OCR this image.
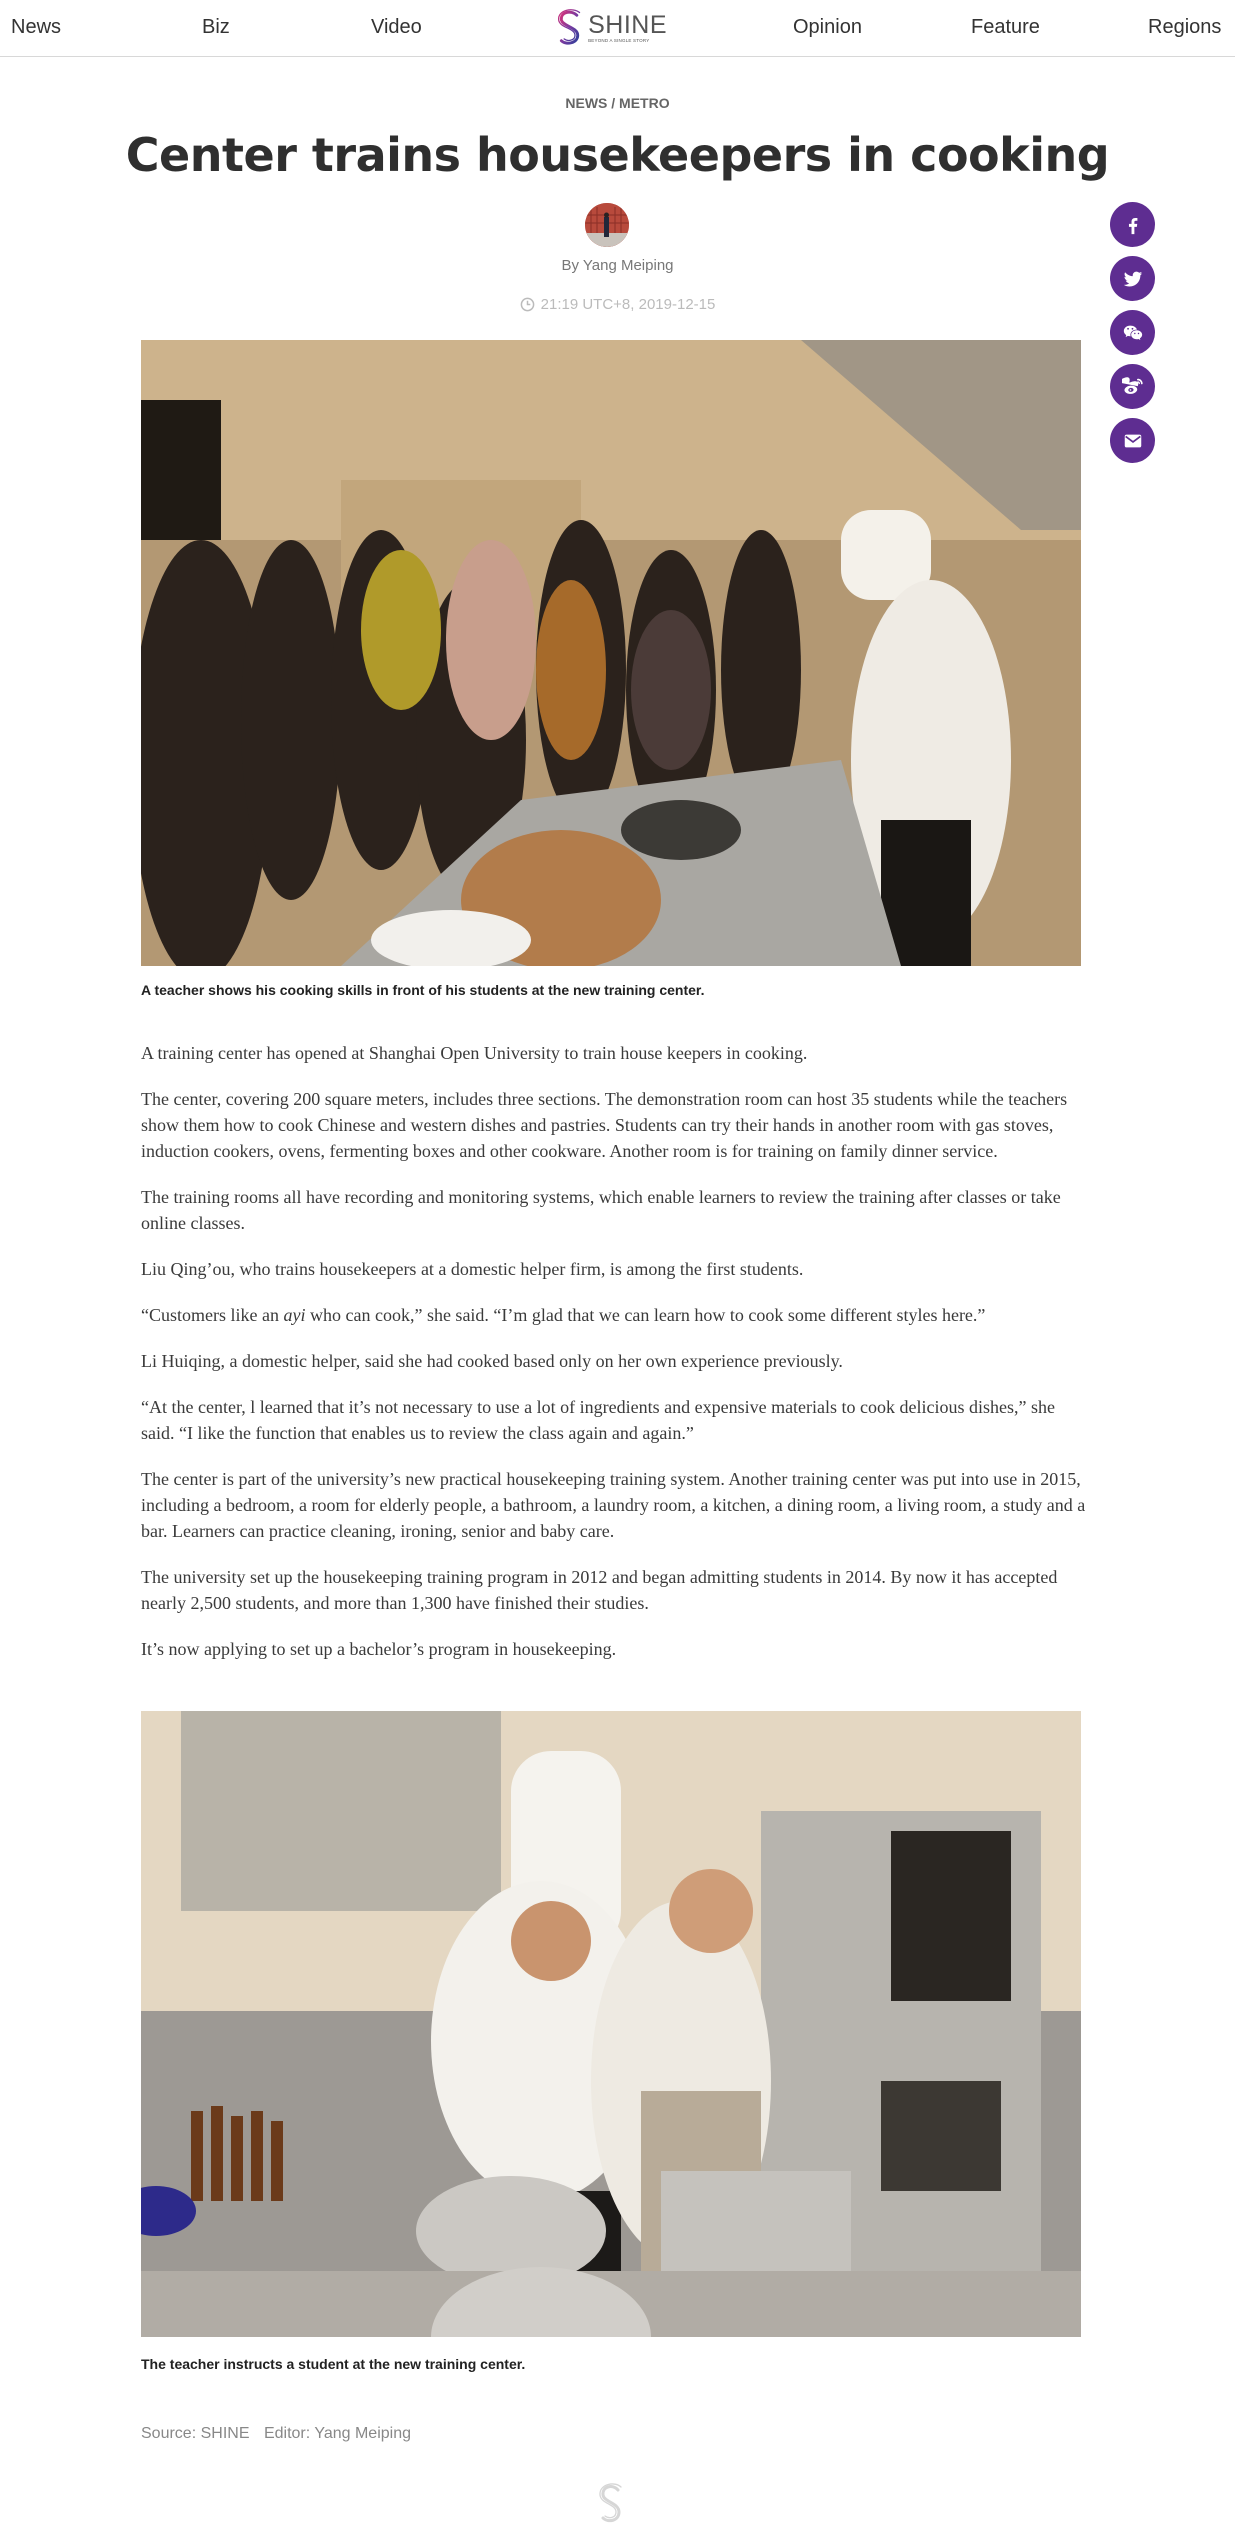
News	Biz	Video	SHINE
BEYOND A SINGLE STORY
Opinion	Feature	Regions
NEWS / METRO
Center trains housekeepers in cooking
By Yang Meiping
21:19 UTC+8, 2019-12-15
A teacher shows his cooking skills in front of his students at the new training center.

A training center has opened at Shanghai Open University to train house keepers in cooking.

The center, covering 200 square meters, includes three sections. The demonstration room can host 35 students while the teachers show them how to cook Chinese and western dishes and pastries. Students can try their hands in another room with gas stoves, induction cookers, ovens, fermenting boxes and other cookware. Another room is for training on family dinner service.

The training rooms all have recording and monitoring systems, which enable learners to review the training after classes or take online classes.

Liu Qing’ou, who trains housekeepers at a domestic helper firm, is among the first students.

“Customers like an ayi who can cook,” she said. “I’m glad that we can learn how to cook some different styles here.”

Li Huiqing, a domestic helper, said she had cooked based only on her own experience previously.

“At the center, l learned that it’s not necessary to use a lot of ingredients and expensive materials to cook delicious dishes,” she said. “I like the function that enables us to review the class again and again.”

The center is part of the university’s new practical housekeeping training system. Another training center was put into use in 2015, including a bedroom, a room for elderly people, a bathroom, a laundry room, a kitchen, a dining room, a living room, a study and a bar. Learners can practice cleaning, ironing, senior and baby care.

The university set up the housekeeping training program in 2012 and began admitting students in 2014. By now it has accepted nearly 2,500 students, and more than 1,300 have finished their studies.

It’s now applying to set up a bachelor’s program in housekeeping.

The teacher instructs a student at the new training center.
Source: SHINE Editor: Yang Meiping
